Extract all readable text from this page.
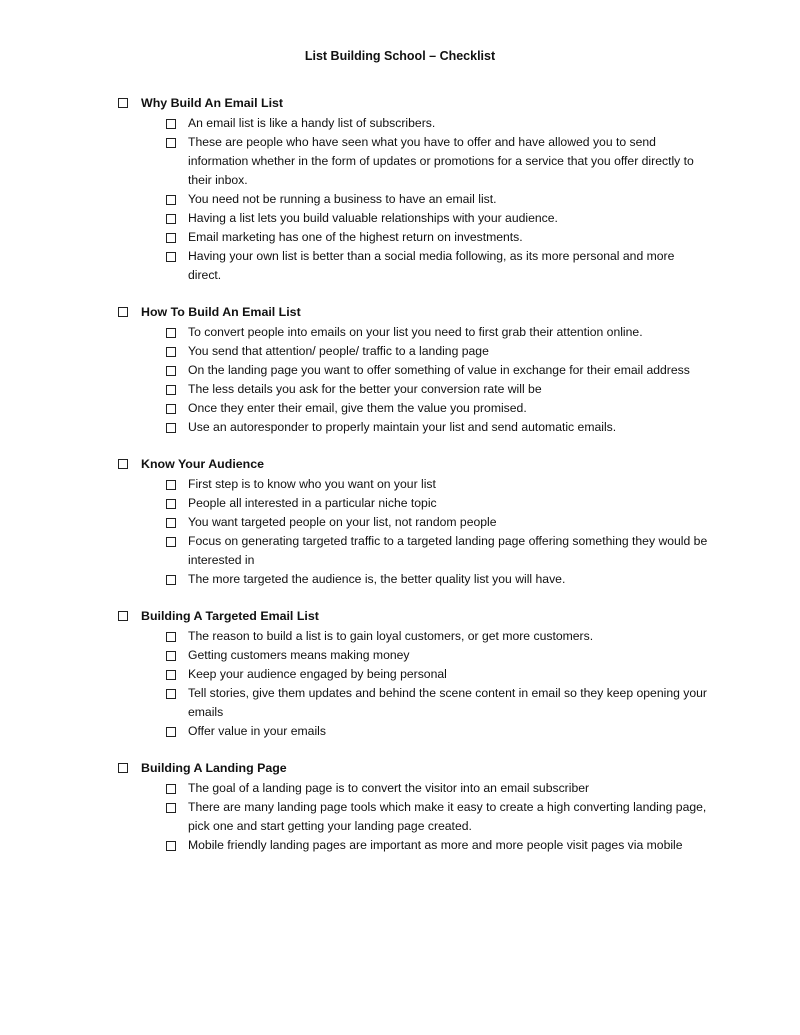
List Building School – Checklist
Why Build An Email List
An email list is like a handy list of subscribers.
These are people who have seen what you have to offer and have allowed you to send information whether in the form of updates or promotions for a service that you offer directly to their inbox.
You need not be running a business to have an email list.
Having a list lets you build valuable relationships with your audience.
Email marketing has one of the highest return on investments.
Having your own list is better than a social media following, as its more personal and more direct.
How To Build An Email List
To convert people into emails on your list you need to first grab their attention online.
You send that attention/ people/ traffic to a landing page
On the landing page you want to offer something of value in exchange for their email address
The less details you ask for the better your conversion rate will be
Once they enter their email, give them the value you promised.
Use an autoresponder to properly maintain your list and send automatic emails.
Know Your Audience
First step is to know who you want on your list
People all interested in a particular niche topic
You want targeted people on your list, not random people
Focus on generating targeted traffic to a targeted landing page offering something they would be interested in
The more targeted the audience is, the better quality list you will have.
Building A Targeted Email List
The reason to build a list is to gain loyal customers, or get more customers.
Getting customers means making money
Keep your audience engaged by being personal
Tell stories, give them updates and behind the scene content in email so they keep opening your emails
Offer value in your emails
Building A Landing Page
The goal of a landing page is to convert the visitor into an email subscriber
There are many landing page tools which make it easy to create a high converting landing page, pick one and start getting your landing page created.
Mobile friendly landing pages are important as more and more people visit pages via mobile
